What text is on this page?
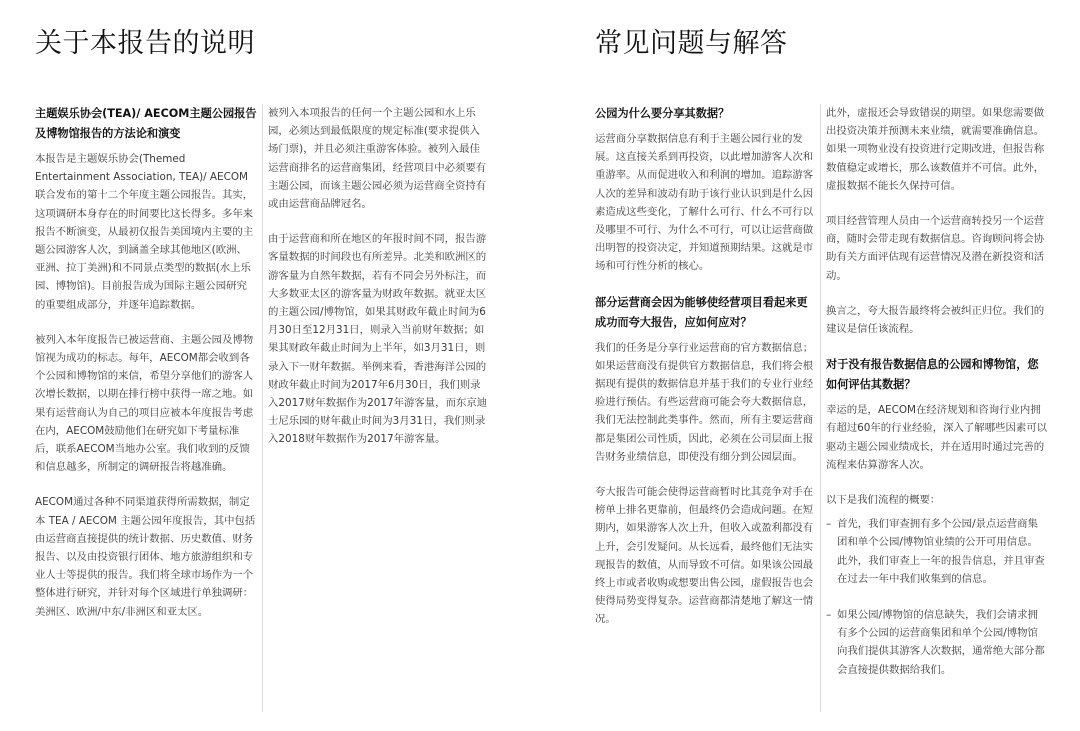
关于本报告的说明	常见问题与解答
主题娱乐协会(TEA)/ AECOM主题公园报告及博物馆报告的方法论和演变

本报告是主题娱乐协会(Themed Entertainment Association, TEA)/ AECOM 联合发布的第十二个年度主题公园报告。其实，这项调研本身存在的时间要比这长得多。多年来报告不断演变，从最初仅报告美国境内主要的主题公园游客人次，到涵盖全球其他地区(欧洲、亚洲、拉丁美洲)和不同景点类型的数据(水上乐园、博物馆)。目前报告成为国际主题公园研究的重要组成部分，并逐年追踪数据。

被列入本年度报告已被运营商、主题公园及博物馆视为成功的标志。每年，AECOM都会收到各个公园和博物馆的来信，希望分享他们的游客人次增长数据，以期在排行榜中获得一席之地。如果有运营商认为自己的项目应被本年度报告考虑在内，AECOM鼓励他们在研究如下考量标准后，联系AECOM当地办公室。我们收到的反馈和信息越多，所制定的调研报告将越准确。

AECOM通过各种不同渠道获得所需数据，制定本 TEA / AECOM 主题公园年度报告，其中包括由运营商直接提供的统计数据、历史数值、财务报告、以及由投资银行团体、地方旅游组织和专业人士等提供的报告。我们将全球市场作为一个整体进行研究，并针对每个区域进行单独调研：美洲区、欧洲/中东/非洲区和亚太区。

被列入本项报告的任何一个主题公园和水上乐园，必须达到最低限度的规定标准(要求提供入场门票)，并且必须注重游客体验。被列入最佳运营商排名的运营商集团，经营项目中必须要有主题公园，而该主题公园必须为运营商全资持有或由运营商品牌冠名。

由于运营商和所在地区的年报时间不同，报告游客量数据的时间段也有所差异。北美和欧洲区的游客量为自然年数据，若有不同会另外标注，而大多数亚太区的游客量为财政年数据。就亚太区的主题公园/博物馆，如果其财政年截止时间为6月30日至12月31日，则录入当前财年数据；如果其财政年截止时间为上半年，如3月31日，则录入下一财年数据。举例来看，香港海洋公园的财政年截止时间为2017年6月30日，我们则录入2017财年数据作为2017年游客量，而东京迪士尼乐园的财年截止时间为3月31日，我们则录入2018财年数据作为2017年游客量。

公园为什么要分享其数据？

运营商分享数据信息有利于主题公园行业的发展。这直接关系到再投资，以此增加游客人次和重游率。从而促进收入和利润的增加。追踪游客人次的差异和波动有助于该行业认识到是什么因素造成这些变化，了解什么可行、什么不可行以及哪里不可行、为什么不可行，可以让运营商做出明智的投资决定，并知道预期结果。这就是市场和可行性分析的核心。

部分运营商会因为能够使经营项目看起来更成功而夸大报告，应如何应对？

我们的任务是分享行业运营商的官方数据信息；如果运营商没有提供官方数据信息，我们将会根据现有提供的数据信息并基于我们的专业行业经验进行预估。有些运营商可能会夸大数据信息，我们无法控制此类事件。然而，所有主要运营商都是集团公司性质，因此，必须在公司层面上报告财务业绩信息，即使没有细分到公园层面。

夸大报告可能会使得运营商暂时比其竞争对手在榜单上排名更靠前，但最终仍会造成问题。在短期内，如果游客人次上升，但收入或盈利都没有上升，会引发疑问。从长远看，最终他们无法实现报告的数值，从而导致不可信。如果该公园最终上市或者收购或想要出售公园，虚假报告也会使得局势变得复杂。运营商都清楚地了解这一情况。

此外，虚报还会导致错误的期望。如果您需要做出投资决策并预测未来业绩，就需要准确信息。如果一项物业没有投资进行定期改进，但报告称数值稳定或增长，那么该数值并不可信。此外，虚报数据不能长久保持可信。

项目经营管理人员由一个运营商转投另一个运营商，随时会带走现有数据信息。咨询顾问将会协助有关方面评估现有运营情况及潜在新投资和活动。

换言之，夸大报告最终将会被纠正归位。我们的建议是信任该流程。

对于没有报告数据信息的公园和博物馆，您如何评估其数据？

幸运的是，AECOM在经济规划和咨询行业内拥有超过60年的行业经验，深入了解哪些因素可以驱动主题公园业绩成长，并在适用时通过完善的流程来估算游客人次。

以下是我们流程的概要：

– 首先，我们审查拥有多个公园/景点运营商集团和单个公园/博物馆业绩的公开可用信息。此外，我们审查上一年的报告信息，并且审查在过去一年中我们收集到的信息。
– 如果公园/博物馆的信息缺失，我们会请求拥有多个公园的运营商集团和单个公园/博物馆向我们提供其游客人次数据，通常绝大部分都会直接提供数据给我们。
